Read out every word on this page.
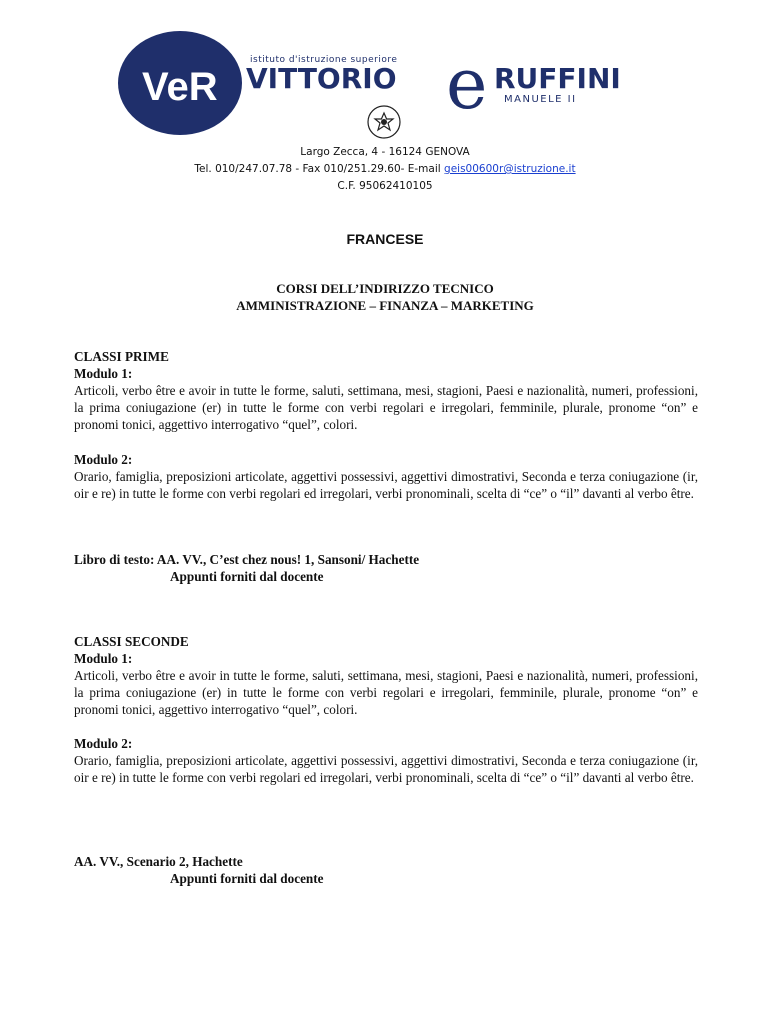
VeR
istituto d'istruzione superiore
VITTORIO e RUFFINI
MANUELE II
Largo Zecca, 4 - 16124 GENOVA
Tel. 010/247.07.78 - Fax 010/251.29.60- E-mail geis00600r@istruzione.it
C.F. 95062410105
FRANCESE
CORSI DELL’INDIRIZZO TECNICO
AMMINISTRAZIONE – FINANZA – MARKETING
CLASSI PRIME
Modulo 1:
Articoli, verbo être e avoir in tutte le forme, saluti, settimana, mesi, stagioni, Paesi e nazionalità, numeri, professioni, la prima coniugazione (er) in tutte le forme con verbi regolari e irregolari, femminile, plurale, pronome “on” e pronomi tonici, aggettivo interrogativo “quel”, colori.
Modulo 2:
Orario, famiglia, preposizioni articolate, aggettivi possessivi, aggettivi dimostrativi, Seconda e terza coniugazione (ir, oir e re) in tutte le forme con verbi regolari ed irregolari, verbi pronominali, scelta di “ce” o “il” davanti al verbo être.
Libro di testo: AA. VV., C’est chez nous! 1, Sansoni/ Hachette
Appunti forniti dal docente
CLASSI SECONDE
Modulo 1:
Articoli, verbo être e avoir in tutte le forme, saluti, settimana, mesi, stagioni, Paesi e nazionalità, numeri, professioni, la prima coniugazione (er) in tutte le forme con verbi regolari e irregolari, femminile, plurale, pronome “on” e pronomi tonici, aggettivo interrogativo “quel”, colori.
Modulo 2:
Orario, famiglia, preposizioni articolate, aggettivi possessivi, aggettivi dimostrativi, Seconda e terza coniugazione (ir, oir e re) in tutte le forme con verbi regolari ed irregolari, verbi pronominali, scelta di “ce” o “il” davanti al verbo être.
AA. VV., Scenario 2, Hachette
Appunti forniti dal docente
